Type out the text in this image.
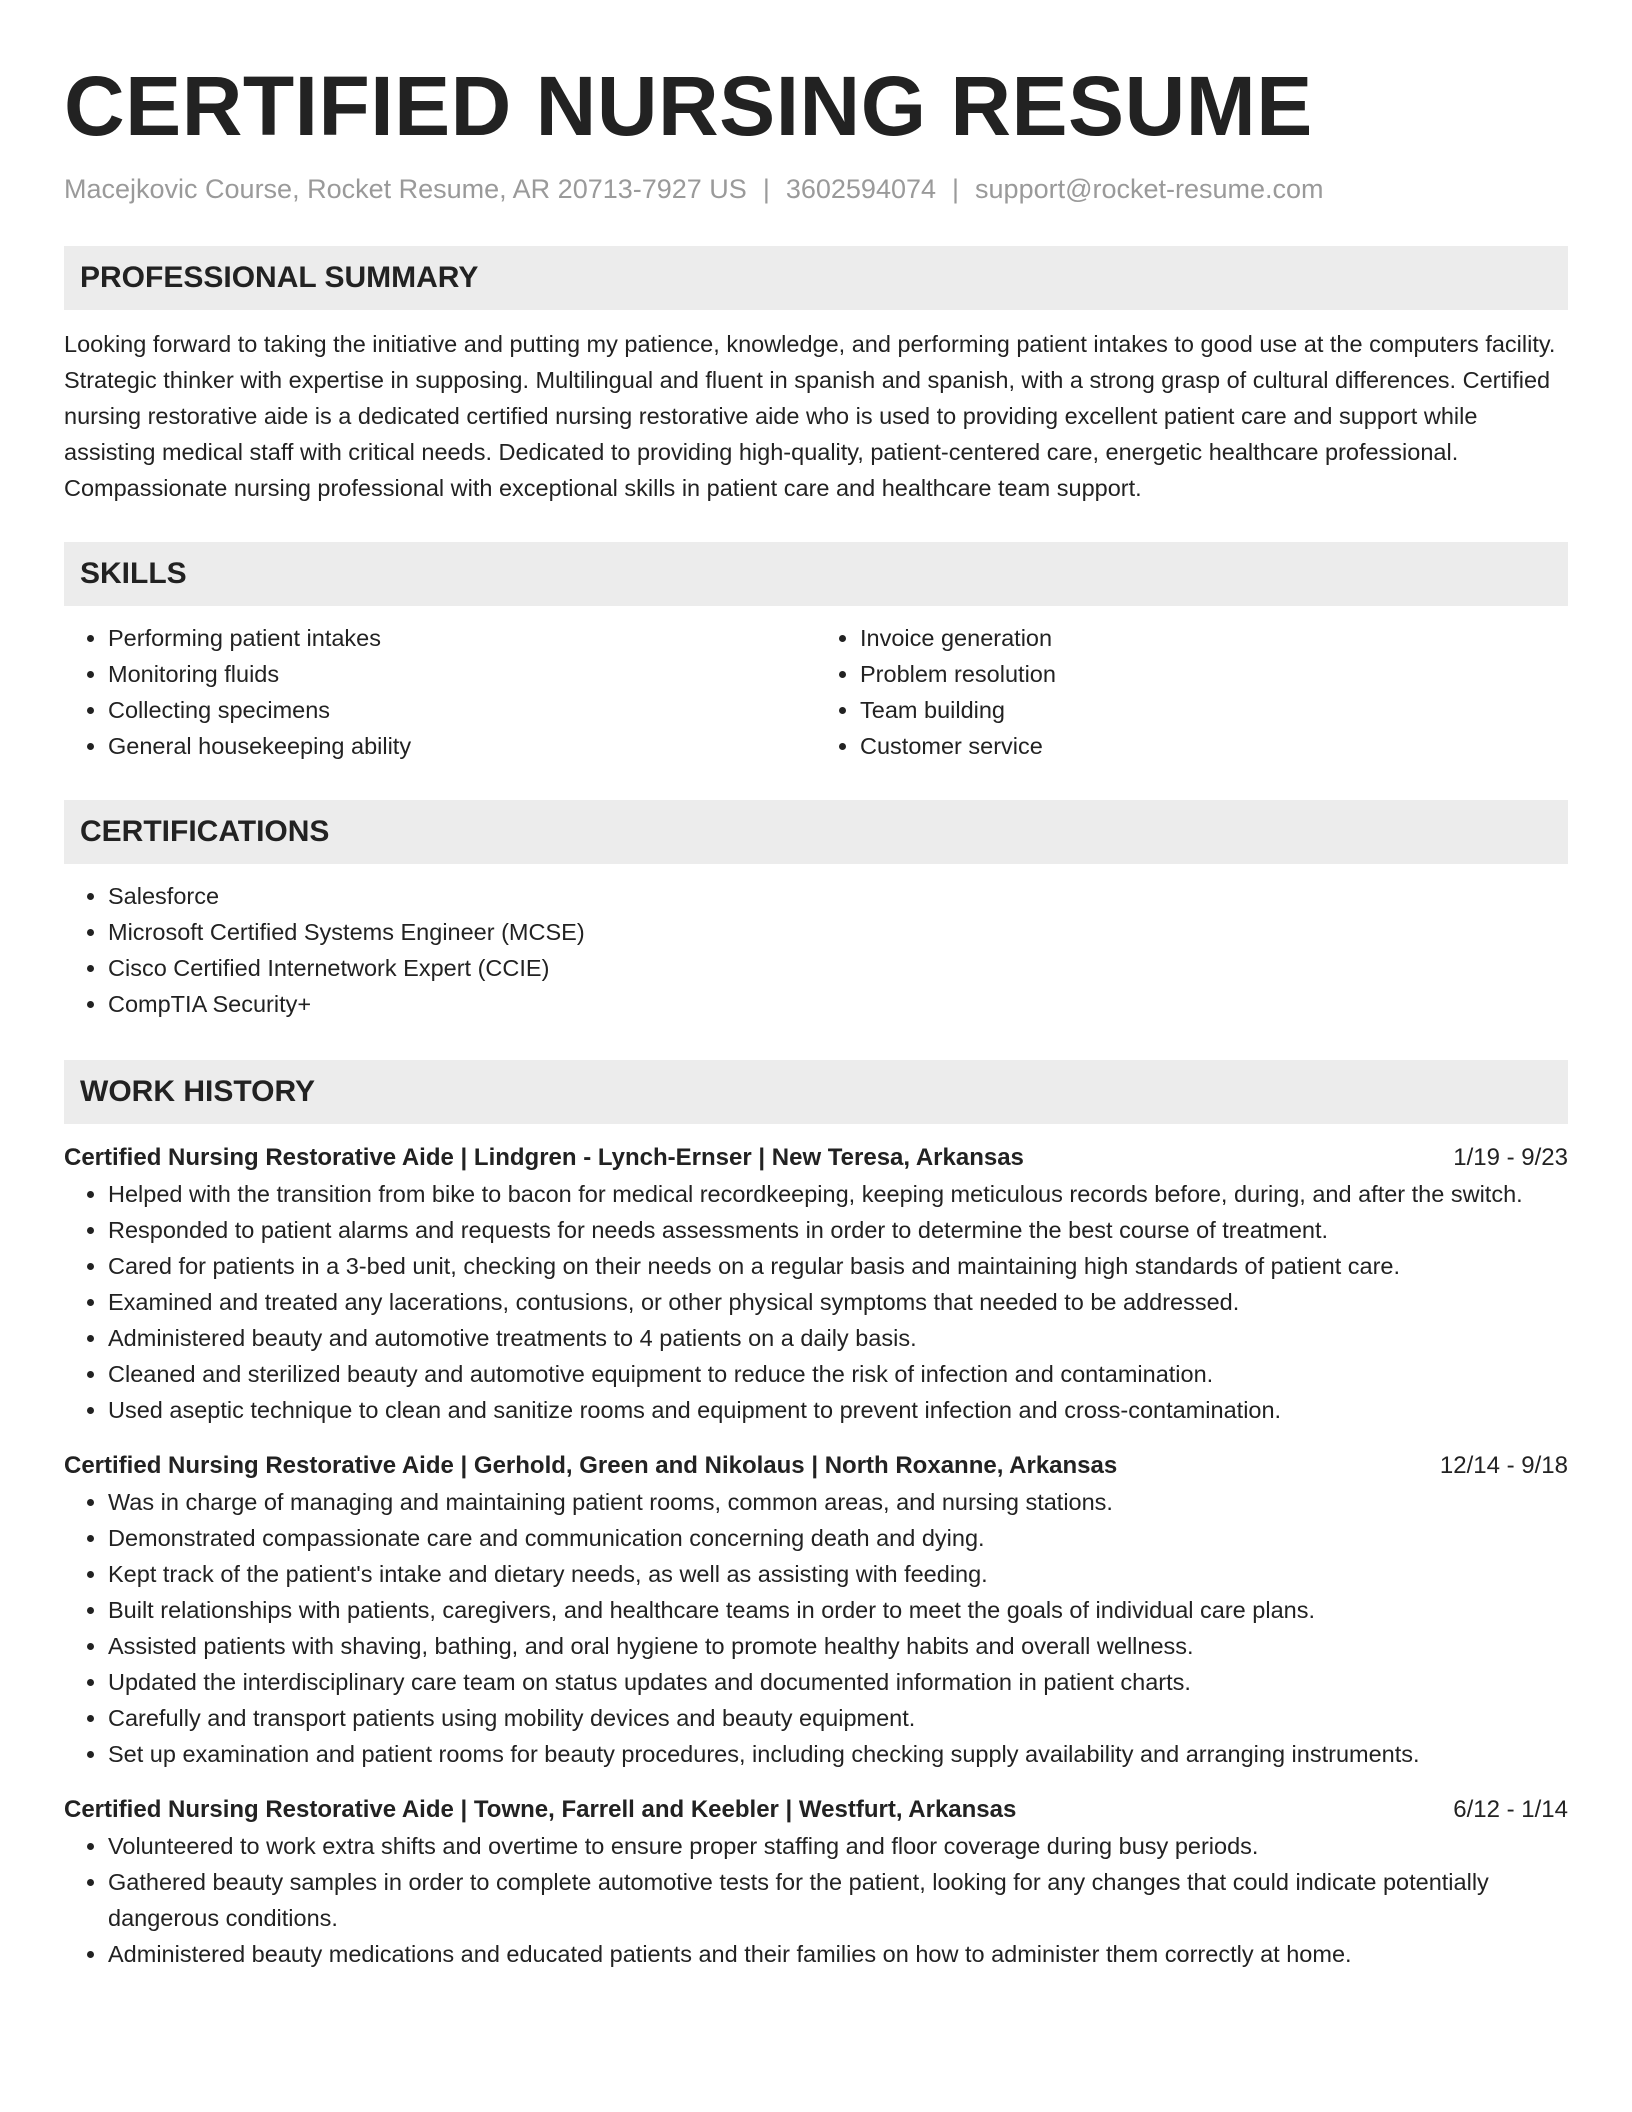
CERTIFIED NURSING RESUME
Macejkovic Course, Rocket Resume, AR 20713-7927 US | 3602594074 | support@rocket-resume.com
PROFESSIONAL SUMMARY

Looking forward to taking the initiative and putting my patience, knowledge, and performing patient intakes to good use at the computers facility. Strategic thinker with expertise in supposing. Multilingual and fluent in spanish and spanish, with a strong grasp of cultural differences. Certified nursing restorative aide is a dedicated certified nursing restorative aide who is used to providing excellent patient care and support while assisting medical staff with critical needs. Dedicated to providing high-quality, patient-centered care, energetic healthcare professional. Compassionate nursing professional with exceptional skills in patient care and healthcare team support.

SKILLS
• Performing patient intakes
• Monitoring fluids
• Collecting specimens
• General housekeeping ability
• Invoice generation
• Problem resolution
• Team building
• Customer service
CERTIFICATIONS
• Salesforce
• Microsoft Certified Systems Engineer (MCSE)
• Cisco Certified Internetwork Expert (CCIE)
• CompTIA Security+
WORK HISTORY
Certified Nursing Restorative Aide | Lindgren - Lynch-Ernser | New Teresa, Arkansas	1/19 - 9/23
• Helped with the transition from bike to bacon for medical recordkeeping, keeping meticulous records before, during, and after the switch.
• Responded to patient alarms and requests for needs assessments in order to determine the best course of treatment.
• Cared for patients in a 3-bed unit, checking on their needs on a regular basis and maintaining high standards of patient care.
• Examined and treated any lacerations, contusions, or other physical symptoms that needed to be addressed.
• Administered beauty and automotive treatments to 4 patients on a daily basis.
• Cleaned and sterilized beauty and automotive equipment to reduce the risk of infection and contamination.
• Used aseptic technique to clean and sanitize rooms and equipment to prevent infection and cross-contamination.
Certified Nursing Restorative Aide | Gerhold, Green and Nikolaus | North Roxanne, Arkansas	12/14 - 9/18
• Was in charge of managing and maintaining patient rooms, common areas, and nursing stations.
• Demonstrated compassionate care and communication concerning death and dying.
• Kept track of the patient's intake and dietary needs, as well as assisting with feeding.
• Built relationships with patients, caregivers, and healthcare teams in order to meet the goals of individual care plans.
• Assisted patients with shaving, bathing, and oral hygiene to promote healthy habits and overall wellness.
• Updated the interdisciplinary care team on status updates and documented information in patient charts.
• Carefully and transport patients using mobility devices and beauty equipment.
• Set up examination and patient rooms for beauty procedures, including checking supply availability and arranging instruments.
Certified Nursing Restorative Aide | Towne, Farrell and Keebler | Westfurt, Arkansas	6/12 - 1/14
• Volunteered to work extra shifts and overtime to ensure proper staffing and floor coverage during busy periods.
• Gathered beauty samples in order to complete automotive tests for the patient, looking for any changes that could indicate potentially dangerous conditions.
• Administered beauty medications and educated patients and their families on how to administer them correctly at home.
